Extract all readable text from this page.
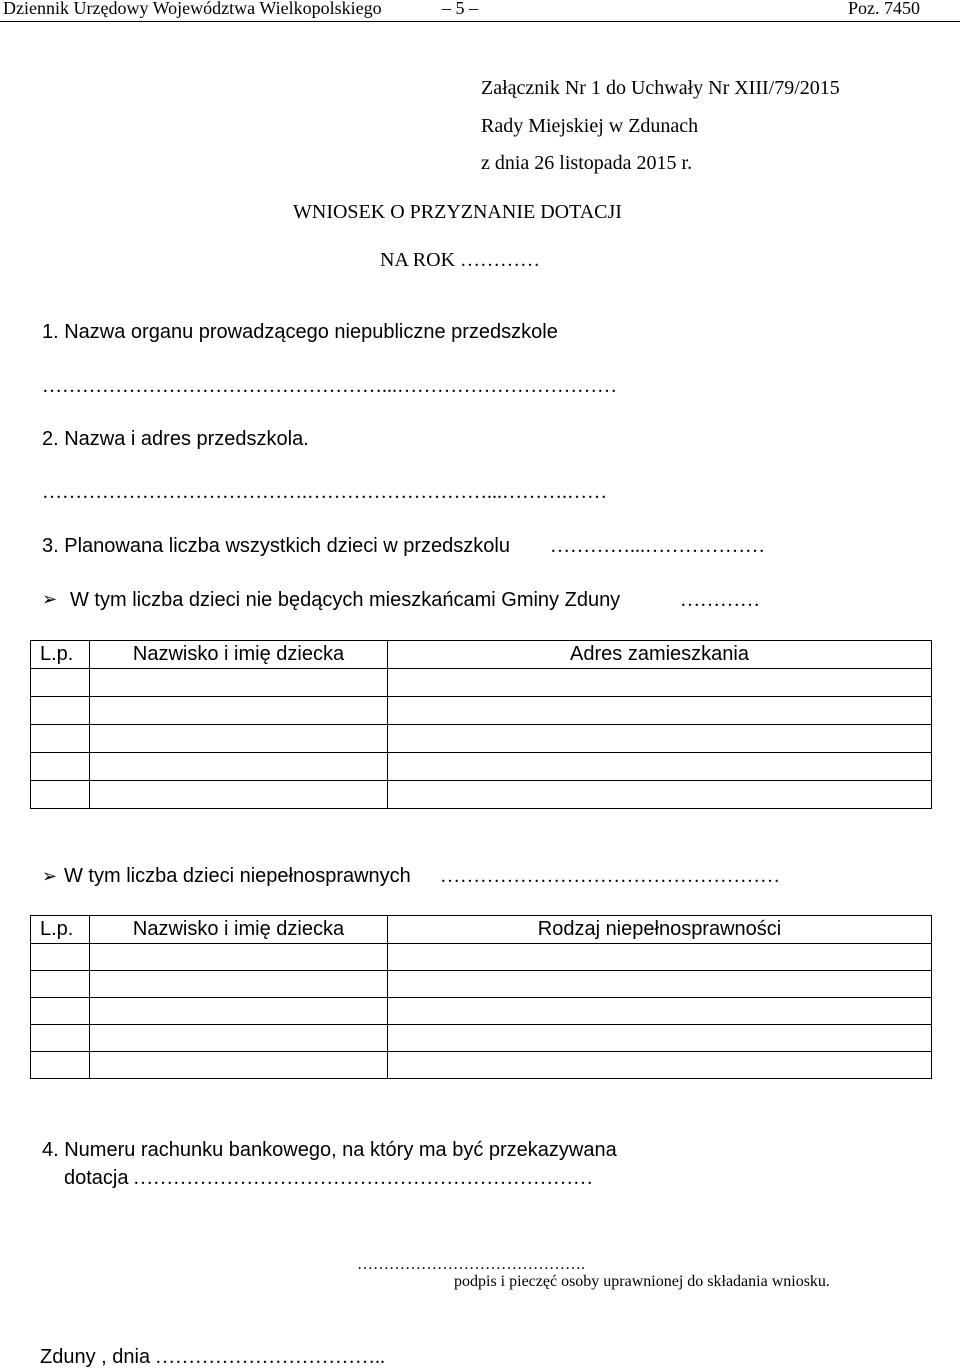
Dziennik Urzędowy Województwa Wielkopolskiego	– 5 –	Poz. 7450
Załącznik Nr 1 do Uchwały Nr XIII/79/2015
Rady Miejskiej w Zdunach
z dnia 26 listopada 2015 r.
WNIOSEK O PRZYZNANIE DOTACJI
NA ROK …………
1. Nazwa organu prowadzącego niepubliczne przedszkole
……………………………………………...……………………………
2. Nazwa i adres przedszkola.
………………………………….………………………...……….……
3. Planowana liczba wszystkich dzieci w przedszkolu …………...………………
➢ W tym liczba dzieci nie będących mieszkańcami Gminy Zduny	…………
L.p.	Nazwisko i imię dziecka	Adres zamieszkania

➢ W tym liczba dzieci niepełnosprawnych ……………………………………………
L.p.	Nazwisko i imię dziecka	Rodzaj niepełnosprawności

4. Numeru rachunku bankowego, na który ma być przekazywana
dotacja ……………………………………………………………
…………………………………….
podpis i pieczęć osoby uprawnionej do składania wniosku.
Zduny , dnia ……………………………..
